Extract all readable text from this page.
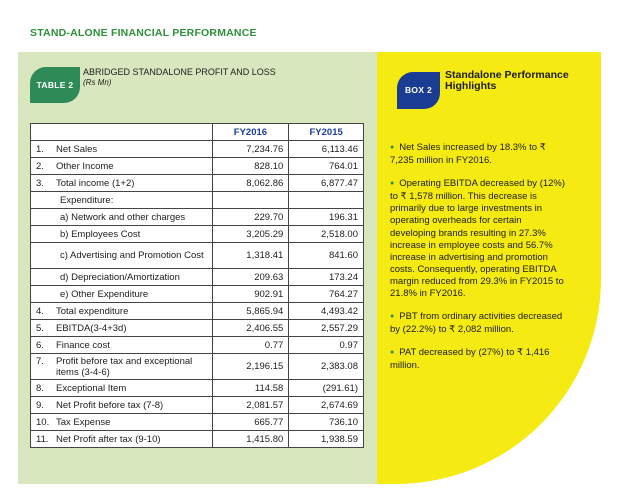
STAND-ALONE FINANCIAL PERFORMANCE
TABLE 2
ABRIDGED STANDALONE PROFIT AND LOSS
(Rs Mn)
BOX 2
Standalone Performance Highlights
	FY2016	FY2015

1. Net Sales	7,234.76	6,113.46

2. Other Income	828.10	764.01

3. Total income (1+2)	8,062.86	6,877.47

Expenditure:		

a) Network and other charges	229.70	196.31

b) Employees Cost	3,205.29	2,518.00

c) Advertising and Promotion Cost	1,318.41	841.60

d) Depreciation/Amortization	209.63	173.24

e) Other Expenditure	902.91	764.27

4. Total expenditure	5,865.94	4,493.42

5. EBITDA(3-4+3d)	2,406.55	2,557.29

6. Finance cost	0.77	0.97

7. Profit before tax and exceptional items (3-4-6)	2,196.15	2,383.08

8. Exceptional Item	114.58	(291.61)

9. Net Profit before tax (7-8)	2,081.57	2,674.69

10. Tax Expense	665.77	736.10

11. Net Profit after tax (9-10)	1,415.80	1,938.59
● Net Sales increased by 18.3% to ₹ 7,235 million in FY2016.
● Operating EBITDA decreased by (12%) to ₹ 1,578 million. This decrease is primarily due to large investments in operating overheads for certain developing brands resulting in 27.3% increase in employee costs and 56.7% increase in advertising and promotion costs. Consequently, operating EBITDA margin reduced from 29.3% in FY2015 to 21.8% in FY2016.
● PBT from ordinary activities decreased by (22.2%) to ₹ 2,082 million.
● PAT decreased by (27%) to ₹ 1,416 million.
